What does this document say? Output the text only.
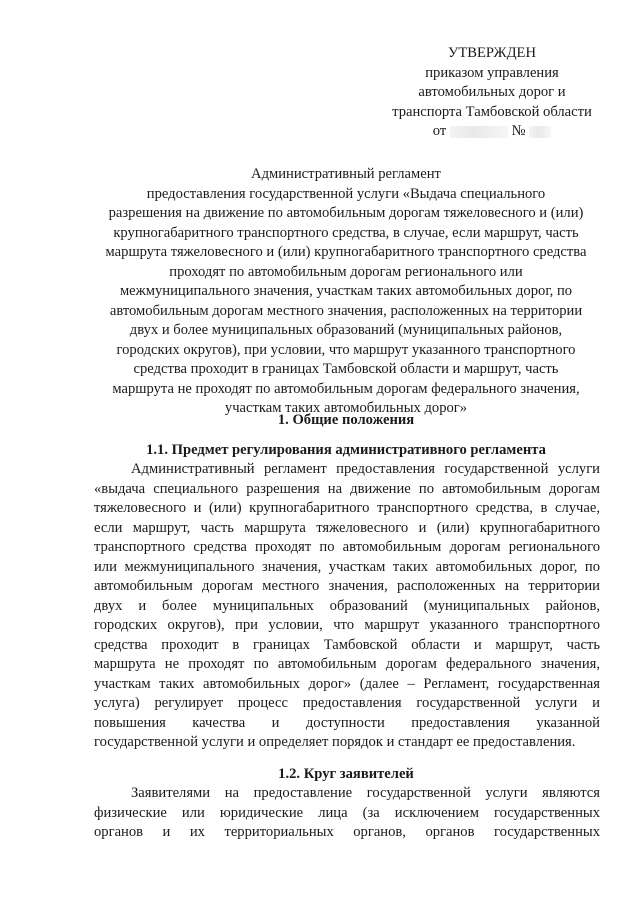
УТВЕРЖДЕН
приказом управления
автомобильных дорог и
транспорта Тамбовской области
от	№
Административный регламент
предоставления государственной услуги «Выдача специального
разрешения на движение по автомобильным дорогам тяжеловесного и (или)
крупногабаритного транспортного средства, в случае, если маршрут, часть
маршрута тяжеловесного и (или) крупногабаритного транспортного средства
проходят по автомобильным дорогам регионального или
межмуниципального значения, участкам таких автомобильных дорог, по
автомобильным дорогам местного значения, расположенных на территории
двух и более муниципальных образований (муниципальных районов,
городских округов), при условии, что маршрут указанного транспортного
средства проходит в границах Тамбовской области и маршрут, часть
маршрута не проходят по автомобильным дорогам федерального значения,
участкам таких автомобильных дорог»
1. Общие положения
1.1. Предмет регулирования административного регламента
Административный регламент предоставления государственной услуги
«выдача специального разрешения на движение по автомобильным дорогам
тяжеловесного и (или) крупногабаритного транспортного средства, в случае,
если маршрут, часть маршрута тяжеловесного и (или) крупногабаритного
транспортного средства проходят по автомобильным дорогам регионального
или межмуниципального значения, участкам таких автомобильных дорог, по
автомобильным дорогам местного значения, расположенных на территории
двух и более муниципальных образований (муниципальных районов,
городских округов), при условии, что маршрут указанного транспортного
средства проходит в границах Тамбовской области и маршрут, часть
маршрута не проходят по автомобильным дорогам федерального значения,
участкам таких автомобильных дорог» (далее – Регламент, государственная
услуга) регулирует процесс предоставления государственной услуги и
повышения качества и доступности предоставления указанной
государственной услуги и определяет порядок и стандарт ее предоставления.
1.2. Круг заявителей
Заявителями на предоставление государственной услуги являются
физические или юридические лица (за исключением государственных
органов и их территориальных органов, органов государственных
